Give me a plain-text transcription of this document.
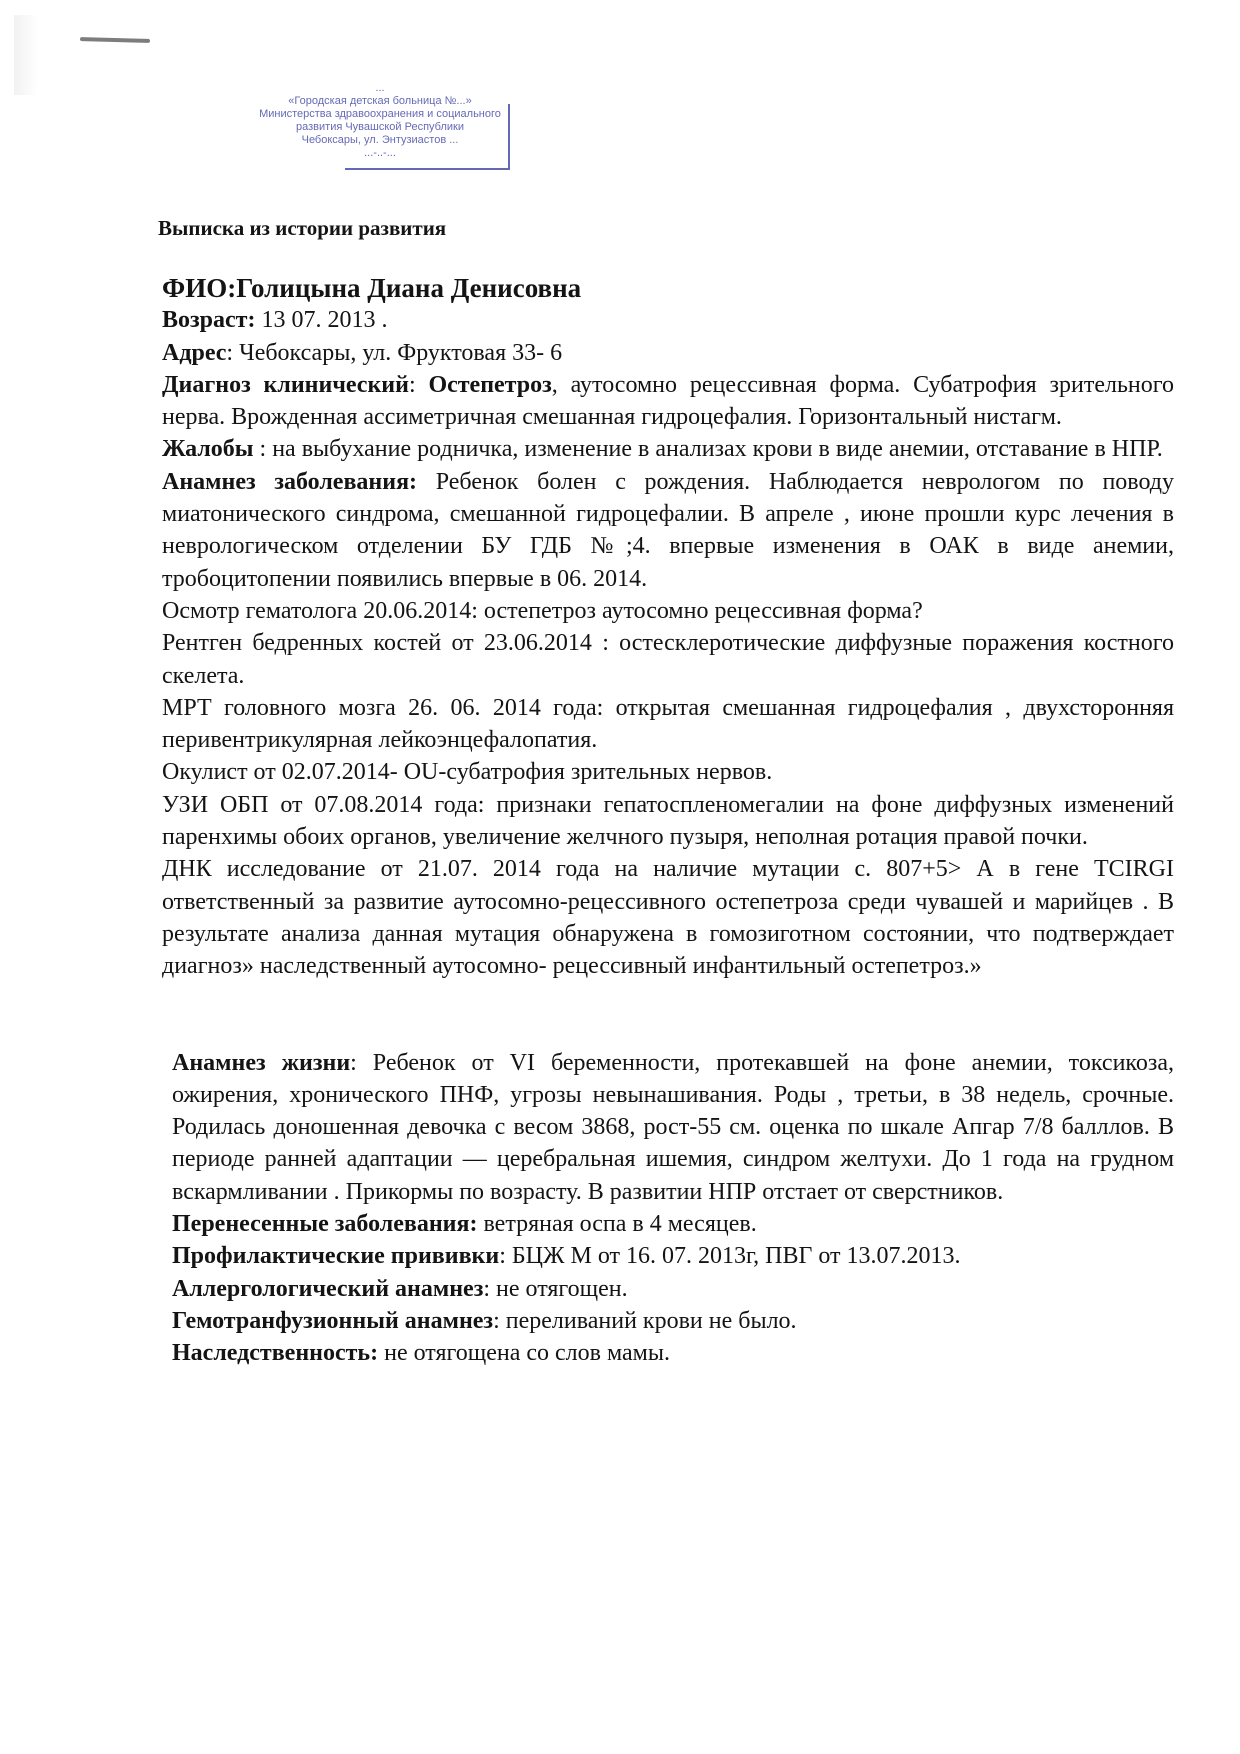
...
«Городская детская больница №...»
Министерства здравоохранения и социального
развития Чувашской Республики
Чебоксары, ул. Энтузиастов ...
...-..-...
Выписка из истории развития

ФИО:Голицына Диана Денисовна

Возраст: 13 07. 2013 .

Адрес: Чебоксары, ул. Фруктовая 33- 6

Диагноз клинический: Остепетроз, аутосомно рецессивная форма. Субатрофия зрительного нерва. Врожденная ассиметричная смешанная гидроцефалия. Горизонтальный нистагм.

Жалобы : на выбухание родничка, изменение в анализах крови в виде анемии, отставание в НПР.

Анамнез заболевания: Ребенок болен с рождения. Наблюдается неврологом по поводу миатонического синдрома, смешанной гидроцефалии. В апреле , июне прошли курс лечения в неврологическом отделении БУ ГДБ №;4. впервые изменения в ОАК в виде анемии, тробоцитопении появились впервые в 06. 2014.

Осмотр гематолога 20.06.2014: остепетроз аутосомно рецессивная форма?

Рентген бедренных костей от 23.06.2014 : остесклеротические диффузные поражения костного скелета.

МРТ головного мозга 26. 06. 2014 года: открытая смешанная гидроцефалия , двухсторонняя перивентрикулярная лейкоэнцефалопатия.

Окулист от 02.07.2014- OU-субатрофия зрительных нервов.

УЗИ ОБП от 07.08.2014 года: признаки гепатоспленомегалии на фоне диффузных изменений паренхимы обоих органов, увеличение желчного пузыря, неполная ротация правой почки.

ДНК исследование от 21.07. 2014 года на наличие мутации с. 807+5> А в гене TCIRGI ответственный за развитие аутосомно-рецессивного остепетроза среди чувашей и марийцев . В результате анализа данная мутация обнаружена в гомозиготном состоянии, что подтверждает диагноз» наследственный аутосомно- рецессивный инфантильный остепетроз.»

Анамнез жизни: Ребенок от VI беременности, протекавшей на фоне анемии, токсикоза, ожирения, хронического ПНФ, угрозы невынашивания. Роды , третьи, в 38 недель, срочные. Родилась доношенная девочка с весом 3868, рост-55 см. оценка по шкале Апгар 7/8 балллов. В периоде ранней адаптации — церебральная ишемия, синдром желтухи. До 1 года на грудном вскармливании . Прикормы по возрасту. В развитии НПР отстает от сверстников.

Перенесенные заболевания: ветряная оспа в 4 месяцев.

Профилактические прививки: БЦЖ М от 16. 07. 2013г, ПВГ от 13.07.2013.

Аллергологический анамнез: не отягощен.

Гемотранфузионный анамнез: переливаний крови не было.

Наследственность: не отягощена со слов мамы.
